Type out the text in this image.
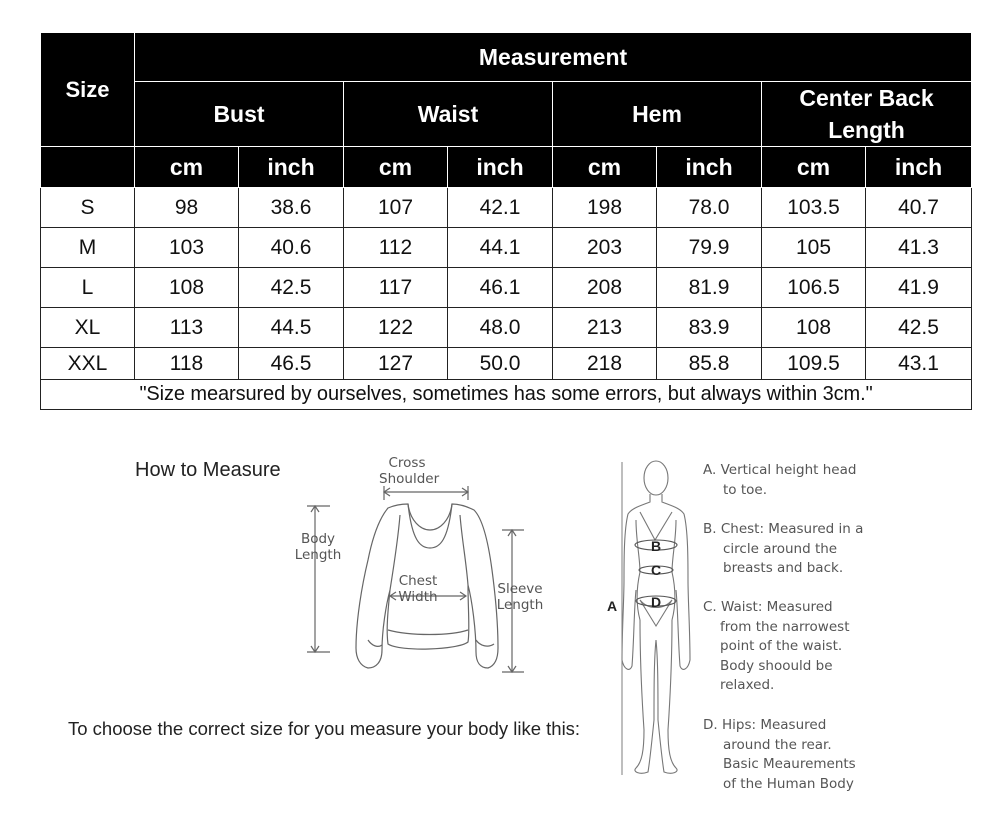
Size	Measurement							
	Bust		Waist		Hem		Center Back Length	
	cm	inch	cm	inch	cm	inch	cm	inch
S	98	38.6	107	42.1	198	78.0	103.5	40.7
M	103	40.6	112	44.1	203	79.9	105	41.3
L	108	42.5	117	46.1	208	81.9	106.5	41.9
XL	113	44.5	122	48.0	213	83.9	108	42.5
XXL	118	46.5	127	50.0	218	85.8	109.5	43.1
"Size mearsured by ourselves, sometimes has some errors, but always within 3cm."								
How to Measure
To choose the correct size for you measure your body like this:
Cross Shoulder
Body Length
Chest Width	Sleeve Length	A
B
C
D
A. Vertical height head
to toe.
B. Chest: Measured in a
circle around the
breasts and back.
C. Waist: Measured
from the narrowest
point of the waist.
Body shoould be
relaxed.
D. Hips: Measured
around the rear.
Basic Meaurements
of the Human Body
